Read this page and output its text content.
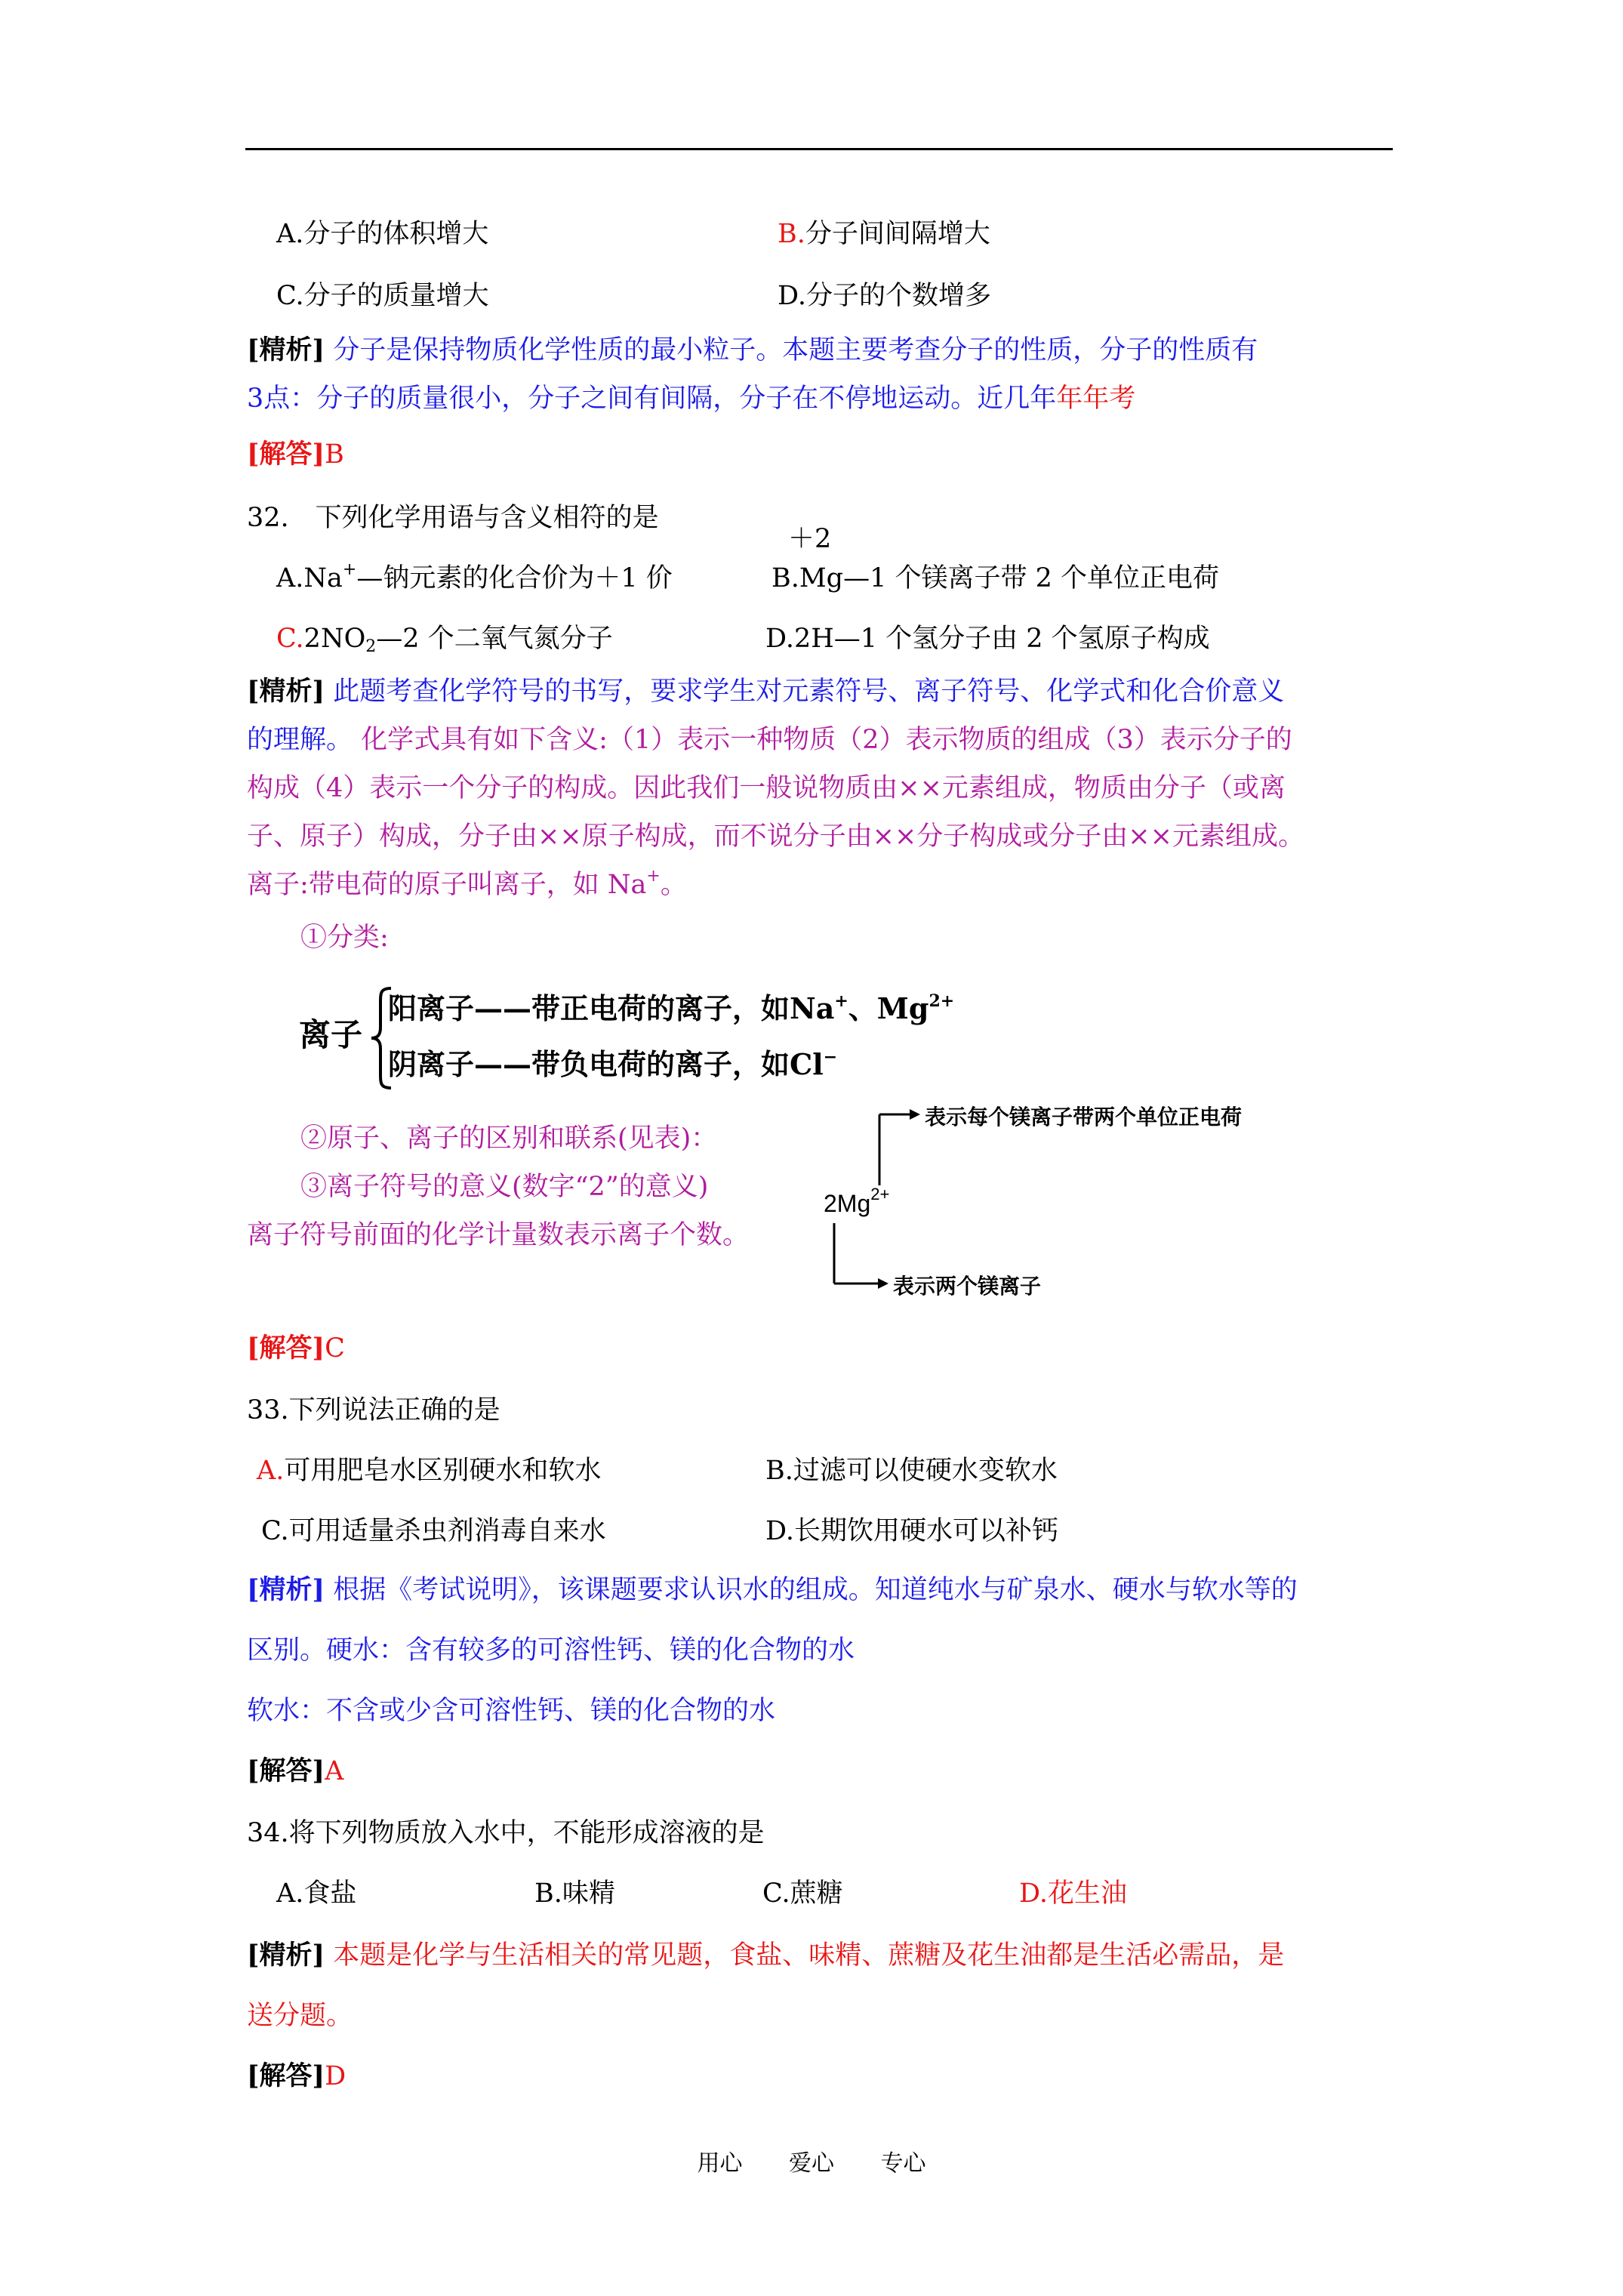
A.分子的体积增大	B.分子间间隔增大
C.分子的质量增大	D.分子的个数增多
[精析] 分子是保持物质化学性质的最小粒子。本题主要考查分子的性质，分子的性质有
3点：分子的质量很小，分子之间有间隔，分子在不停地运动。近几年年年考
[解答]B
32.　下列化学用语与含义相符的是
＋2
A.Na+—钠元素的化合价为＋1 价	B.Mg—1 个镁离子带 2 个单位正电荷
$C.2NO_2—2$ 个二氧气氮分子	D.2H—1 个氢分子由 2 个氢原子构成
[精析] 此题考查化学符号的书写，要求学生对元素符号、离子符号、化学式和化合价意义
的理解。 化学式具有如下含义:（1）表示一种物质（2）表示物质的组成（3）表示分子的
构成（4）表示一个分子的构成。因此我们一般说物质由××元素组成，物质由分子（或离
子、原子）构成，分子由××原子构成，而不说分子由××分子构成或分子由××元素组成。
离子:带电荷的原子叫离子，如 Na+。
①分类:
离子
阳离子——带正电荷的离子，如Na+、$Mg^{2+}$
阴离子——带负电荷的离子，如Cl−
②原子、离子的区别和联系(见表)：
③离子符号的意义(数字“2”的意义)
离子符号前面的化学计量数表示离子个数。
表示每个镁离子带两个单位正电荷
$2Mg^{2+}$
表示两个镁离子
[解答]C
33.下列说法正确的是
A.可用肥皂水区别硬水和软水	B.过滤可以使硬水变软水
C.可用适量杀虫剂消毒自来水	D.长期饮用硬水可以补钙
[精析] 根据《考试说明》，该课题要求认识水的组成。知道纯水与矿泉水、硬水与软水等的
区别。硬水：含有较多的可溶性钙、镁的化合物的水
软水：不含或少含可溶性钙、镁的化合物的水
[解答]A
34.将下列物质放入水中，不能形成溶液的是
A.食盐	B.味精	C.蔗糖	D.花生油
[精析] 本题是化学与生活相关的常见题，食盐、味精、蔗糖及花生油都是生活必需品，是
送分题。
[解答]D
用心 爱心 专心
